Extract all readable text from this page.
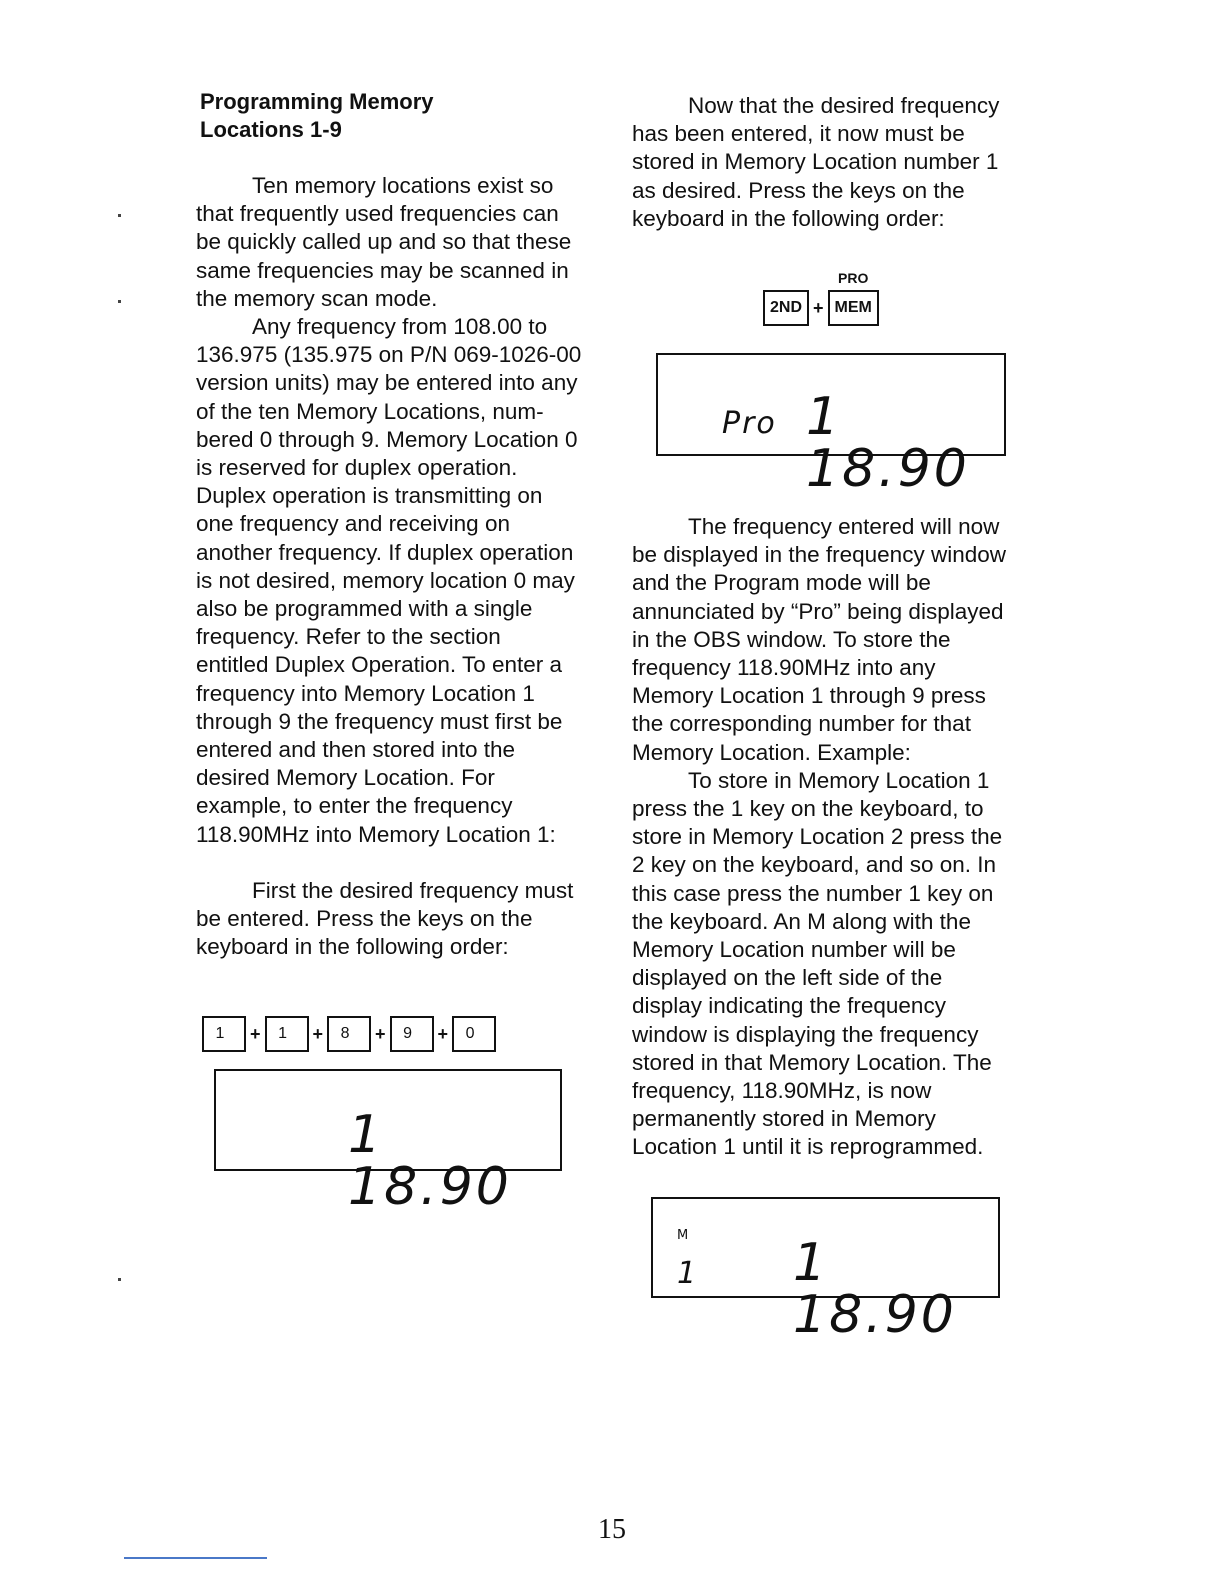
Programming Memory
Locations 1-9

Ten memory locations exist so
that frequently used frequencies can
be quickly called up and so that these
same frequencies may be scanned in
the memory scan mode.

Any frequency from 108.00 to
136.975 (135.975 on P/N 069-1026-00
version units) may be entered into any
of the ten Memory Locations, num-
bered 0 through 9. Memory Location 0
is reserved for duplex operation.
Duplex operation is transmitting on
one frequency and receiving on
another frequency. If duplex operation
is not desired, memory location 0 may
also be programmed with a single
frequency. Refer to the section
entitled Duplex Operation. To enter a
frequency into Memory Location 1
through 9 the frequency must first be
entered and then stored into the
desired Memory Location. For
example, to enter the frequency
118.90MHz into Memory Location 1:

First the desired frequency must
be entered. Press the keys on the
keyboard in the following order:

1 + 1 + 8 + 9 + 0
1 18.90

Now that the desired frequency
has been entered, it now must be
stored in Memory Location number 1
as desired. Press the keys on the
keyboard in the following order:

2ND +
PRO
MEM
Pro 1 18.90

The frequency entered will now
be displayed in the frequency window
and the Program mode will be
annunciated by “Pro” being displayed
in the OBS window. To store the
frequency 118.90MHz into any
Memory Location 1 through 9 press
the corresponding number for that
Memory Location. Example:

To store in Memory Location 1
press the 1 key on the keyboard, to
store in Memory Location 2 press the
2 key on the keyboard, and so on. In
this case press the number 1 key on
the keyboard. An M along with the
Memory Location number will be
displayed on the left side of the
display indicating the frequency
window is displaying the frequency
stored in that Memory Location. The
frequency, 118.90MHz, is now
permanently stored in Memory
Location 1 until it is reprogrammed.

M
1 1 18.90
15
